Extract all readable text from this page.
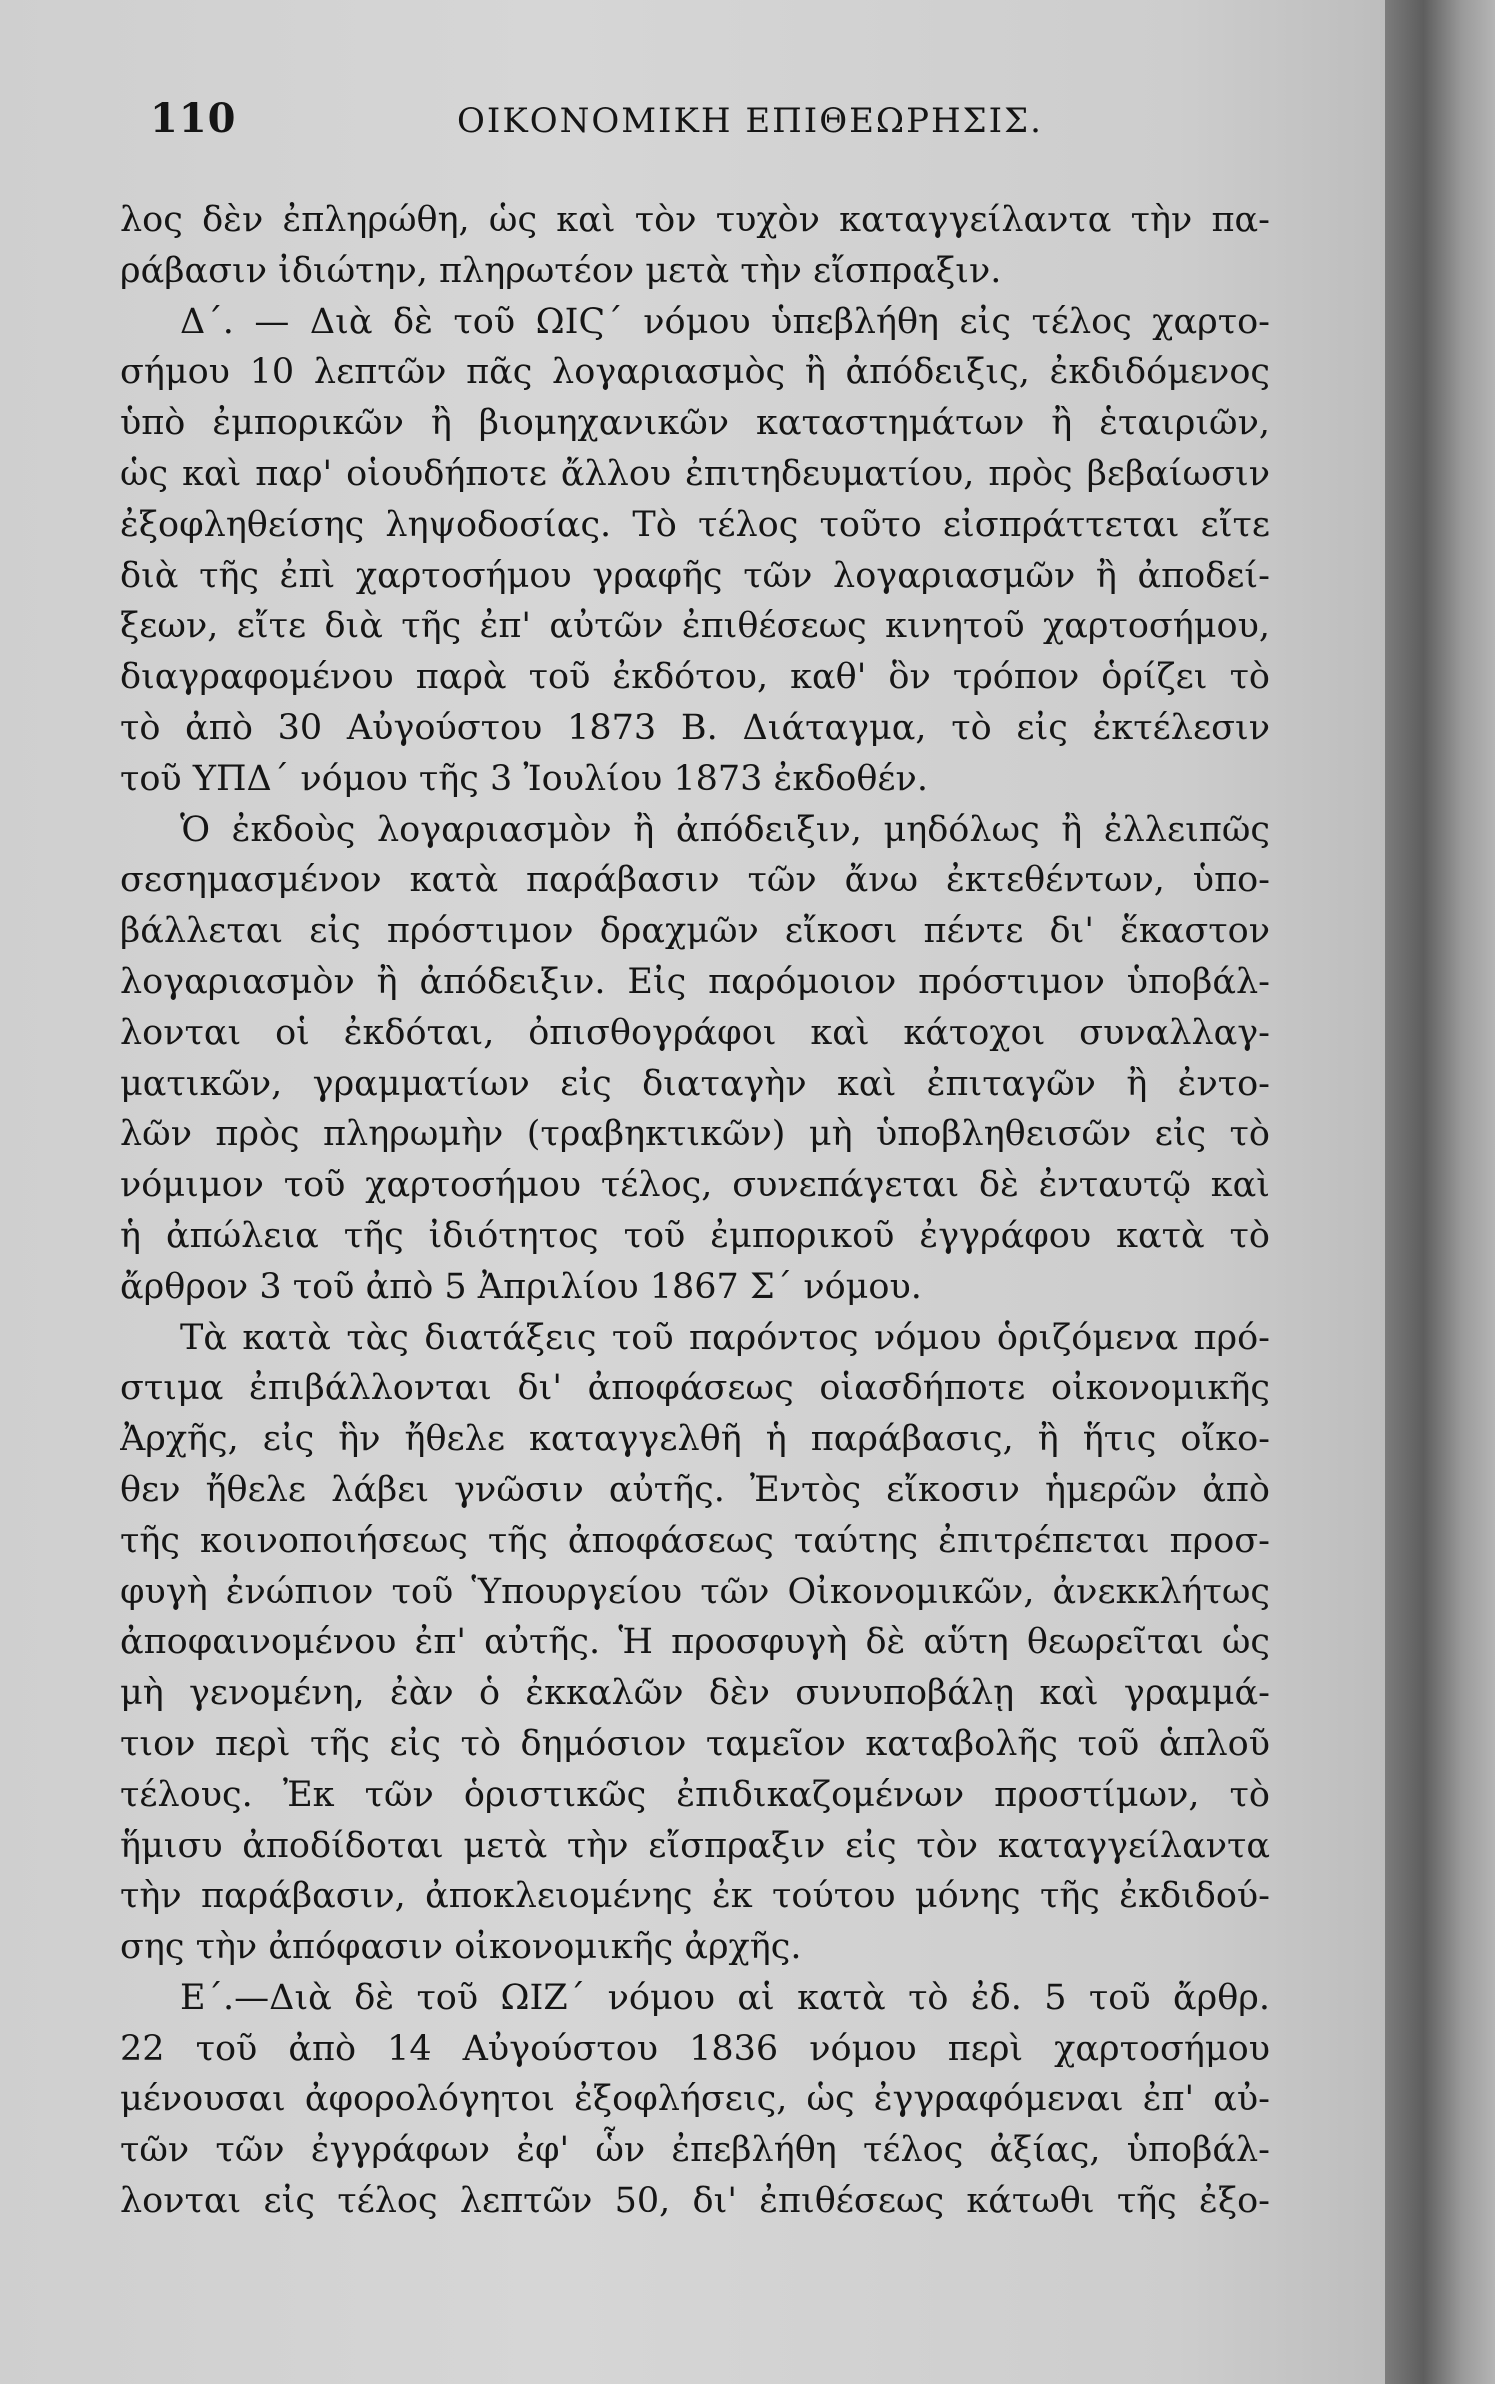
110	ΟΙΚΟΝΟΜΙΚΗ ΕΠΙΘΕΩΡΗΣΙΣ.
λος δὲν ἐπληρώθη, ὡς καὶ τὸν τυχὸν καταγγείλαντα τὴν πα-
ράβασιν ἰδιώτην, πληρωτέον μετὰ τὴν εἴσπραξιν.
Δ΄. — Διὰ δὲ τοῦ ΩΙϚ΄ νόμου ὑπεβλήθη εἰς τέλος χαρτο-
σήμου 10 λεπτῶν πᾶς λογαριασμὸς ἢ ἀπόδειξις, ἐκδιδόμενος
ὑπὸ ἐμπορικῶν ἢ βιομηχανικῶν καταστημάτων ἢ ἑταιριῶν,
ὡς καὶ παρ' οἱουδήποτε ἄλλου ἐπιτηδευματίου, πρὸς βεβαίωσιν
ἐξοφληθείσης ληψοδοσίας. Τὸ τέλος τοῦτο εἰσπράττεται εἴτε
διὰ τῆς ἐπὶ χαρτοσήμου γραφῆς τῶν λογαριασμῶν ἢ ἀποδεί-
ξεων, εἴτε διὰ τῆς ἐπ' αὐτῶν ἐπιθέσεως κινητοῦ χαρτοσήμου,
διαγραφομένου παρὰ τοῦ ἐκδότου, καθ' ὃν τρόπον ὁρίζει τὸ
τὸ ἀπὸ 30 Αὐγούστου 1873 Β. Διάταγμα, τὸ εἰς ἐκτέλεσιν
τοῦ ΥΠΔ΄ νόμου τῆς 3 Ἰουλίου 1873 ἐκδοθέν.
Ὁ ἐκδοὺς λογαριασμὸν ἢ ἀπόδειξιν, μηδόλως ἢ ἐλλειπῶς
σεσημασμένον κατὰ παράβασιν τῶν ἄνω ἐκτεθέντων, ὑπο-
βάλλεται εἰς πρόστιμον δραχμῶν εἴκοσι πέντε δι' ἕκαστον
λογαριασμὸν ἢ ἀπόδειξιν. Εἰς παρόμοιον πρόστιμον ὑποβάλ-
λονται οἱ ἐκδόται, ὀπισθογράφοι καὶ κάτοχοι συναλλαγ-
ματικῶν, γραμματίων εἰς διαταγὴν καὶ ἐπιταγῶν ἢ ἐντο-
λῶν πρὸς πληρωμὴν (τραβηκτικῶν) μὴ ὑποβληθεισῶν εἰς τὸ
νόμιμον τοῦ χαρτοσήμου τέλος, συνεπάγεται δὲ ἐνταυτῷ καὶ
ἡ ἀπώλεια τῆς ἰδιότητος τοῦ ἐμπορικοῦ ἐγγράφου κατὰ τὸ
ἄρθρον 3 τοῦ ἀπὸ 5 Ἀπριλίου 1867 Σ΄ νόμου.
Τὰ κατὰ τὰς διατάξεις τοῦ παρόντος νόμου ὁριζόμενα πρό-
στιμα ἐπιβάλλονται δι' ἀποφάσεως οἱασδήποτε οἰκονομικῆς
Ἀρχῆς, εἰς ἣν ἤθελε καταγγελθῆ ἡ παράβασις, ἢ ἥτις οἴκο-
θεν ἤθελε λάβει γνῶσιν αὐτῆς. Ἐντὸς εἴκοσιν ἡμερῶν ἀπὸ
τῆς κοινοποιήσεως τῆς ἀποφάσεως ταύτης ἐπιτρέπεται προσ-
φυγὴ ἐνώπιον τοῦ Ὑπουργείου τῶν Οἰκονομικῶν, ἀνεκκλήτως
ἀποφαινομένου ἐπ' αὐτῆς. Ἡ προσφυγὴ δὲ αὕτη θεωρεῖται ὡς
μὴ γενομένη, ἐὰν ὁ ἐκκαλῶν δὲν συνυποβάλῃ καὶ γραμμά-
τιον περὶ τῆς εἰς τὸ δημόσιον ταμεῖον καταβολῆς τοῦ ἁπλοῦ
τέλους. Ἐκ τῶν ὁριστικῶς ἐπιδικαζομένων προστίμων, τὸ
ἥμισυ ἀποδίδοται μετὰ τὴν εἴσπραξιν εἰς τὸν καταγγείλαντα
τὴν παράβασιν, ἀποκλειομένης ἐκ τούτου μόνης τῆς ἐκδιδού-
σης τὴν ἀπόφασιν οἰκονομικῆς ἀρχῆς.
Ε΄.—Διὰ δὲ τοῦ ΩΙΖ΄ νόμου αἱ κατὰ τὸ ἐδ. 5 τοῦ ἄρθρ.
22 τοῦ ἀπὸ 14 Αὐγούστου 1836 νόμου περὶ χαρτοσήμου
μένουσαι ἀφορολόγητοι ἐξοφλήσεις, ὡς ἐγγραφόμεναι ἐπ' αὐ-
τῶν τῶν ἐγγράφων ἐφ' ὧν ἐπεβλήθη τέλος ἀξίας, ὑποβάλ-
λονται εἰς τέλος λεπτῶν 50, δι' ἐπιθέσεως κάτωθι τῆς ἐξο-
